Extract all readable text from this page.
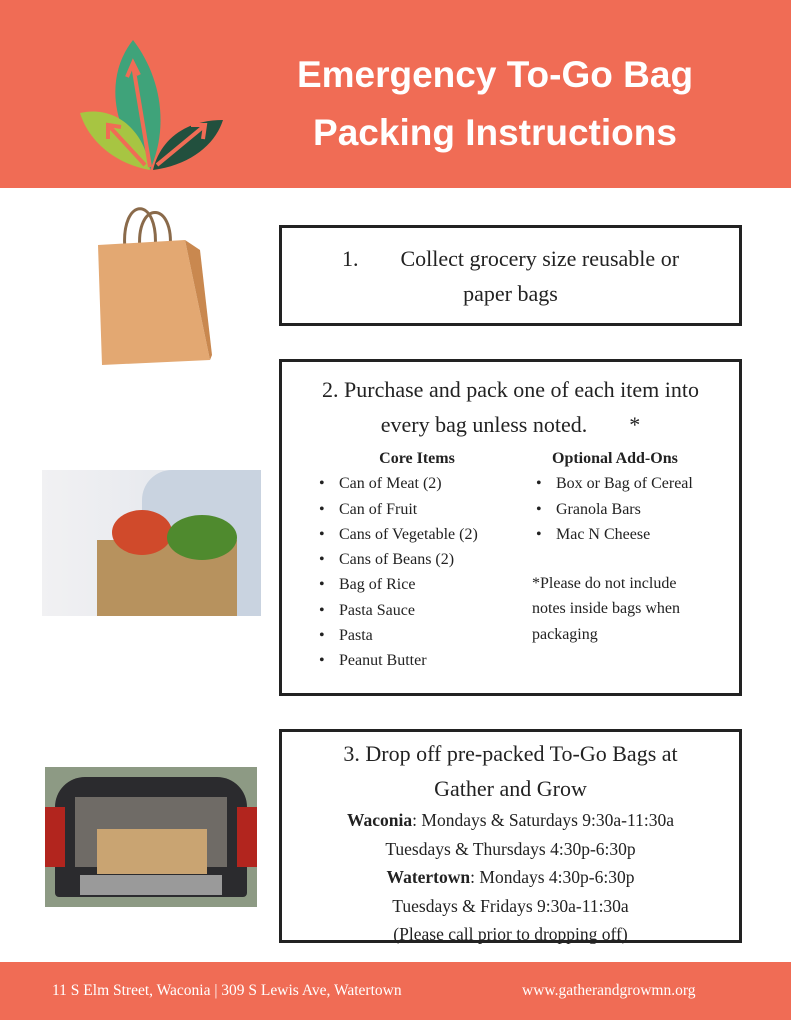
Emergency To-Go Bag
Packing Instructions
1. Collect grocery size reusable or
paper bags
2. Purchase and pack one of each item into
every bag unless noted. *
Core Items
• Can of Meat (2)
• Can of Fruit
• Cans of Vegetable (2)
• Cans of Beans (2)
• Bag of Rice
• Pasta Sauce
• Pasta
• Peanut Butter
Optional Add-Ons
• Box or Bag of Cereal
• Granola Bars
• Mac N Cheese
*Please do not include
notes inside bags when
packaging
3. Drop off pre-packed To-Go Bags at
Gather and Grow
Waconia: Mondays & Saturdays 9:30a-11:30a
Tuesdays & Thursdays 4:30p-6:30p
Watertown: Mondays 4:30p-6:30p
Tuesdays & Fridays 9:30a-11:30a
(Please call prior to dropping off)
11 S Elm Street, Waconia | 309 S Lewis Ave, Watertown	www.gatherandgrowmn.org
